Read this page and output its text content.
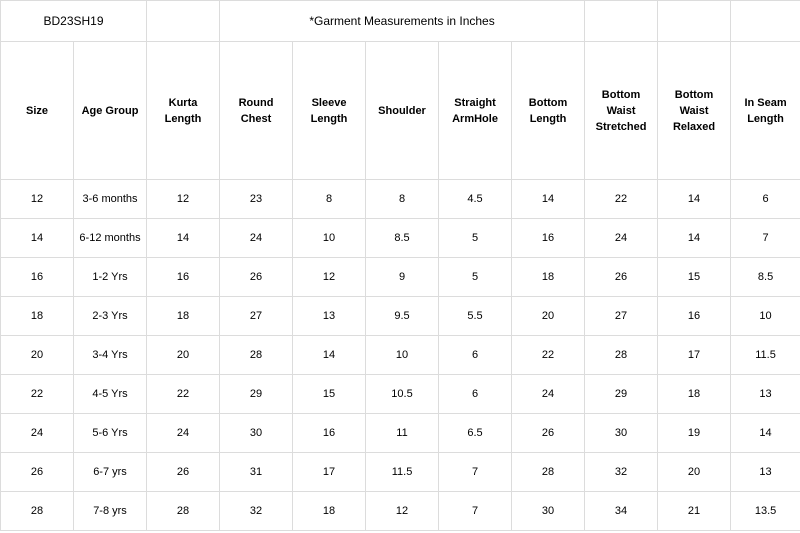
BD23SH19			*Garment Measurements in Inches							
Size	Age Group	Kurta Length	Round Chest	Sleeve Length	Shoulder	Straight ArmHole	Bottom Length	Bottom Waist Stretched	Bottom Waist Relaxed	In Seam Length
12	3-6 months	12	23	8	8	4.5	14	22	14	6
14	6-12 months	14	24	10	8.5	5	16	24	14	7
16	1-2 Yrs	16	26	12	9	5	18	26	15	8.5
18	2-3 Yrs	18	27	13	9.5	5.5	20	27	16	10
20	3-4 Yrs	20	28	14	10	6	22	28	17	11.5
22	4-5 Yrs	22	29	15	10.5	6	24	29	18	13
24	5-6 Yrs	24	30	16	11	6.5	26	30	19	14
26	6-7 yrs	26	31	17	11.5	7	28	32	20	13
28	7-8 yrs	28	32	18	12	7	30	34	21	13.5
